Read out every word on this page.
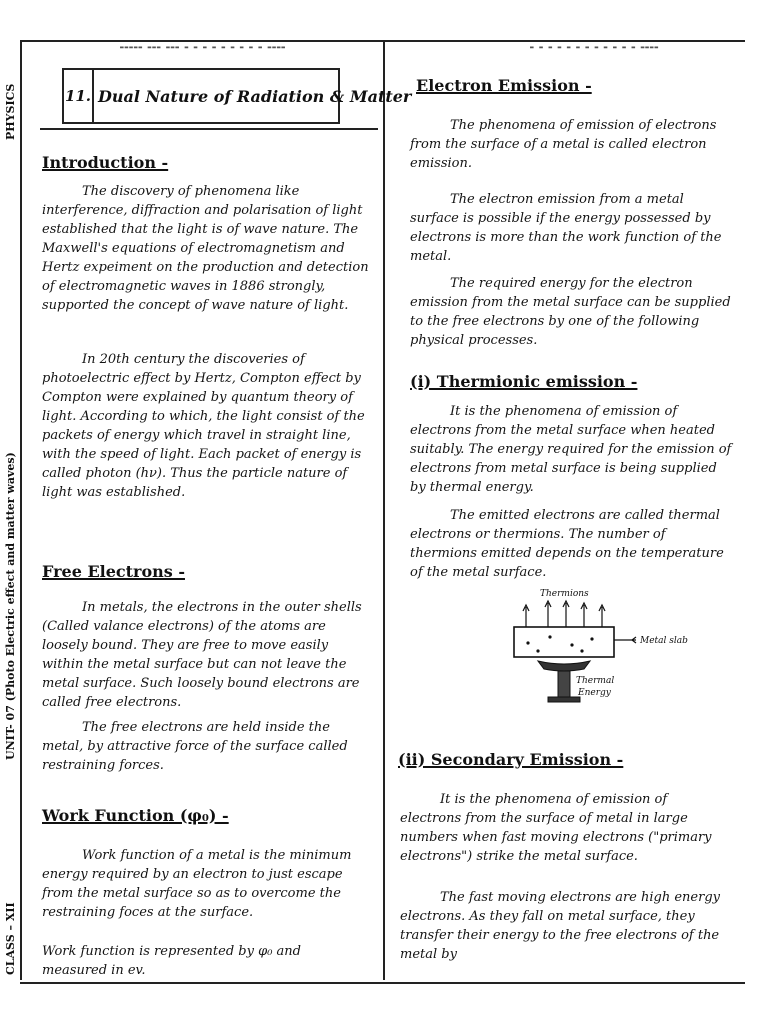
▬▬▬▬▬ ▬▬▬ ▬▬▬ ▬ ▬ ▬ ▬ ▬ ▬ ▬ ▬ ▬ ▬▬▬▬	▬ ▬ ▬ ▬ ▬ ▬ ▬ ▬ ▬ ▬ ▬ ▬ ▬▬▬▬
PHYSICS
UNIT- 07 (Photo Electric effect and matter waves)
CLASS – XII
11. Dual Nature of Radiation & Matter
Introduction -

The discovery of phenomena like interference, diffraction and polarisation of light established that the light is of wave nature. The Maxwell's equations of electromagnetism and Hertz expeiment on the production and detection of electromagnetic waves in 1886 strongly, supported the concept of wave nature of light.

In 20th century the discoveries of photoelectric effect by Hertz, Compton effect by Compton were explained by quantum theory of light. According to which, the light consist of the packets of energy which travel in straight line, with the speed of light. Each packet of energy is called photon (hν). Thus the particle nature of light was established.

Free Electrons -

In metals, the electrons in the outer shells (Called valance electrons) of the atoms are loosely bound. They are free to move easily within the metal surface but can not leave the metal surface. Such loosely bound electrons are called free electrons.

The free electrons are held inside the metal, by attractive force of the surface called restraining forces.

Work Function (φ₀) -

Work function of a metal is the minimum energy required by an electron to just escape from the metal surface so as to overcome the restraining foces at the surface.

Work function is represented by φ₀ and measured in ev.

Electron Emission -

The phenomena of emission of electrons from the surface of a metal is called electron emission.

The electron emission from a metal surface is possible if the energy possessed by electrons is more than the work function of the metal.

The required energy for the electron emission from the metal surface can be supplied to the free electrons by one of the following physical processes.

(i) Thermionic emission -

It is the phenomena of emission of electrons from the metal surface when heated suitably. The energy required for the emission of electrons from metal surface is being supplied by thermal energy.

The emitted electrons are called thermal electrons or thermions. The number of thermions emitted depends on the temperature of the metal surface.

Thermions
Metal slab
Thermal
Energy
(ii) Secondary Emission -

It is the phenomena of emission of electrons from the surface of metal in large numbers when fast moving electrons ("primary electrons") strike the metal surface.

The fast moving electrons are high energy electrons. As they fall on metal surface, they transfer their energy to the free electrons of the metal by
